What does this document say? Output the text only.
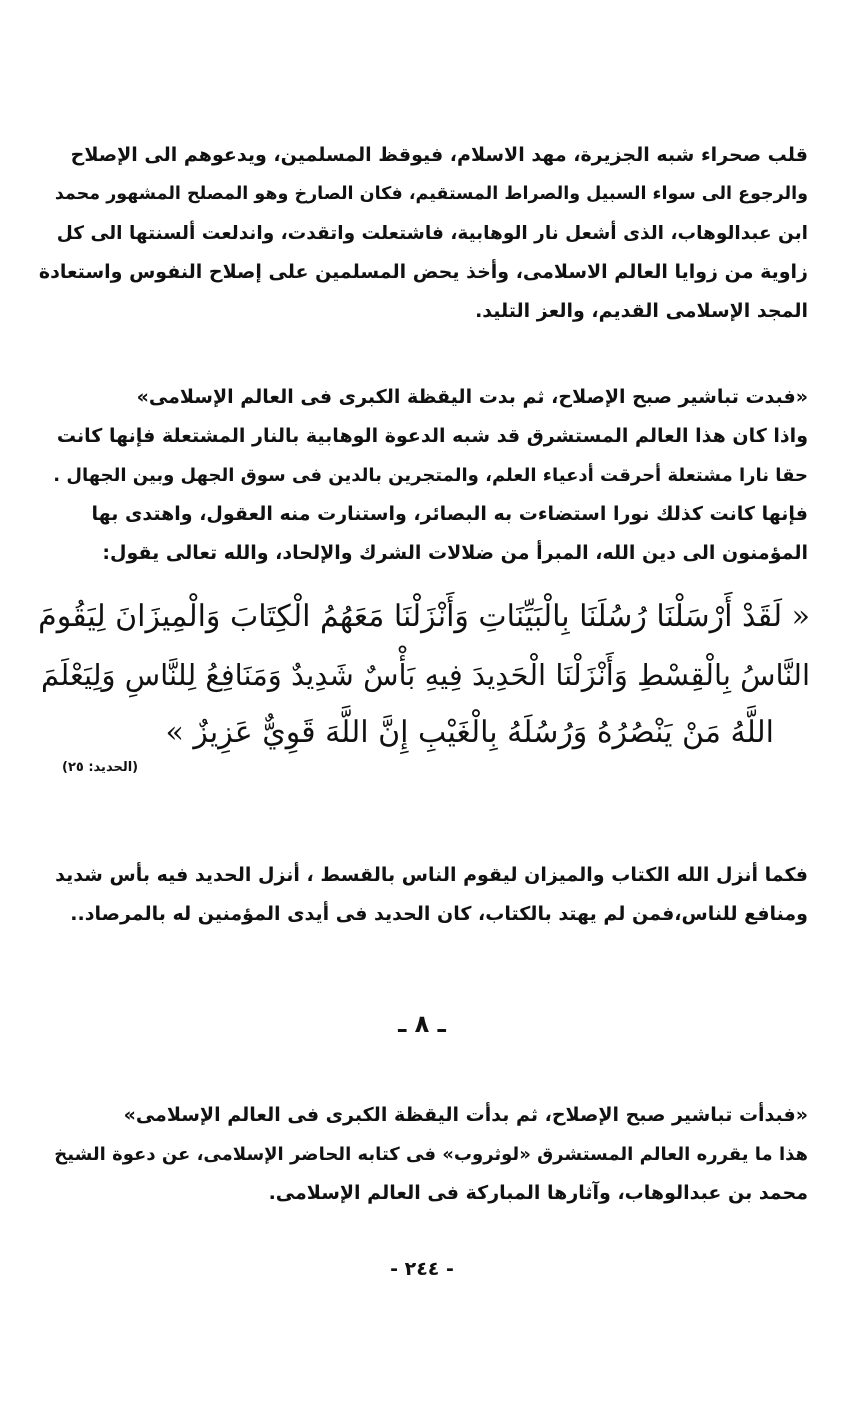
قلب صحراء شبه الجزيرة، مهد الاسلام، فيوقظ المسلمين، ويدعوهم الى الإصلاح
والرجوع الى سواء السبيل والصراط المستقيم، فكان الصارخ وهو المصلح المشهور محمد
ابن عبدالوهاب، الذى أشعل نار الوهابية، فاشتعلت واتقدت، واندلعت ألسنتها الى كل
زاوية من زوايا العالم الاسلامى، وأخذ يحض المسلمين على إصلاح النفوس واستعادة
المجد الإسلامى القديم، والعز التليد.
«فبدت تباشير صبح الإصلاح، ثم بدت اليقظة الكبرى فى العالم الإسلامى»
واذا كان هذا العالم المستشرق قد شبه الدعوة الوهابية بالنار المشتعلة فإنها كانت
حقا نارا مشتعلة أحرقت أدعياء العلم، والمتجرين بالدين فى سوق الجهل وبين الجهال .
فإنها كانت كذلك نورا استضاءت به البصائر، واستنارت منه العقول، واهتدى بها
المؤمنون الى دين الله، المبرأ من ضلالات الشرك والإلحاد، والله تعالى يقول:
« لَقَدْ أَرْسَلْنَا رُسُلَنَا بِالْبَيِّنَاتِ وَأَنْزَلْنَا مَعَهُمُ الْكِتَابَ وَالْمِيزَانَ لِيَقُومَ
النَّاسُ بِالْقِسْطِ وَأَنْزَلْنَا الْحَدِيدَ فِيهِ بَأْسٌ شَدِيدٌ وَمَنَافِعُ لِلنَّاسِ وَلِيَعْلَمَ
اللَّهُ مَنْ يَنْصُرُهُ وَرُسُلَهُ بِالْغَيْبِ إِنَّ اللَّهَ قَوِيٌّ عَزِيزٌ »
(الحديد: ٢٥)
فكما أنزل الله الكتاب والميزان ليقوم الناس بالقسط ، أنزل الحديد فيه بأس شديد
ومنافع للناس،فمن لم يهتد بالكتاب، كان الحديد فى أيدى المؤمنين له بالمرصاد..
ـ ٨ ـ
«فبدأت تباشير صبح الإصلاح، ثم بدأت اليقظة الكبرى فى العالم الإسلامى»
هذا ما يقرره العالم المستشرق «لوثروب» فى كتابه الحاضر الإسلامى، عن دعوة الشيخ
محمد بن عبدالوهاب، وآثارها المباركة فى العالم الإسلامى.
- ٢٤٤ -
